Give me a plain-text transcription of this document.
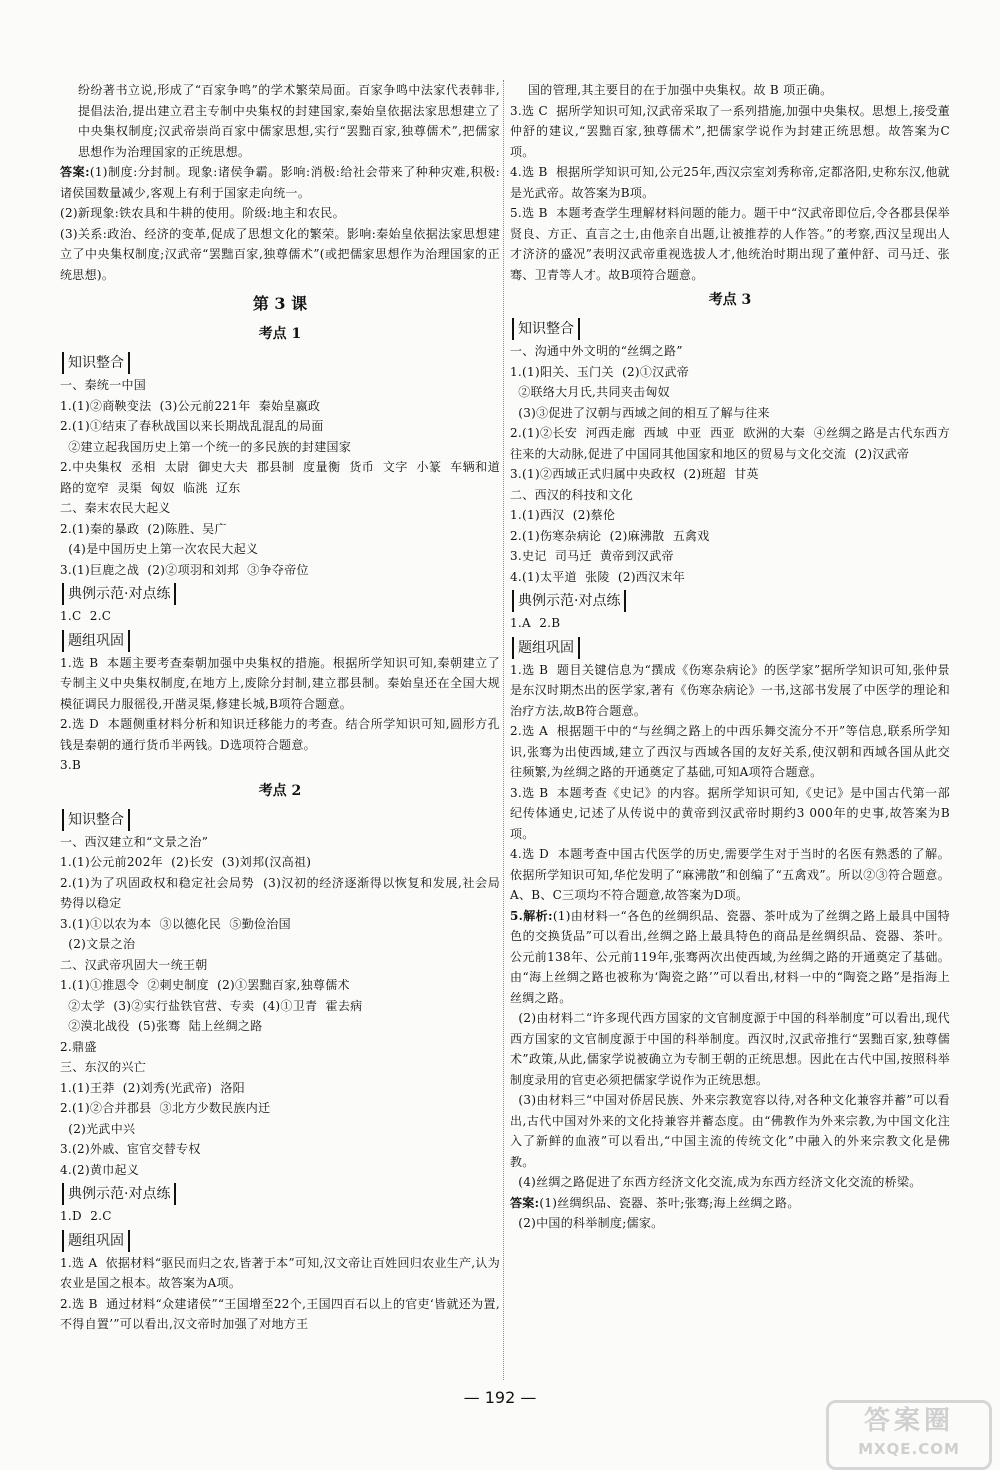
纷纷著书立说,形成了“百家争鸣”的学术繁荣局面。百家争鸣中法家代表韩非,提倡法治,提出建立君主专制中央集权的封建国家,秦始皇依据法家思想建立了中央集权制度;汉武帝崇尚百家中儒家思想,实行“罢黜百家,独尊儒术”,把儒家思想作为治理国家的正统思想。

答案:(1)制度:分封制。现象:诸侯争霸。影响:消极:给社会带来了种种灾难,积极:诸侯国数量减少,客观上有利于国家走向统一。

(2)新现象:铁农具和牛耕的使用。阶级:地主和农民。

(3)关系:政治、经济的变革,促成了思想文化的繁荣。影响:秦始皇依据法家思想建立了中央集权制度;汉武帝“罢黜百家,独尊儒术”(或把儒家思想作为治理国家的正统思想)。

第 3 课
考点 1
知识整合

一、秦统一中国

1.(1)②商鞅变法  (3)公元前221年  秦始皇嬴政

2.(1)①结束了春秋战国以来长期战乱混乱的局面

②建立起我国历史上第一个统一的多民族的封建国家

2.中央集权  丞相  太尉  御史大夫  郡县制  度量衡  货币  文字  小篆  车辆和道路的宽窄  灵渠  匈奴  临洮  辽东

二、秦末农民大起义

2.(1)秦的暴政  (2)陈胜、吴广

(4)是中国历史上第一次农民大起义

3.(1)巨鹿之战  (2)②项羽和刘邦  ③争夺帝位

典例示范·对点练

1.C  2.C

题组巩固

1.选 B  本题主要考查秦朝加强中央集权的措施。根据所学知识可知,秦朝建立了专制主义中央集权制度,在地方上,废除分封制,建立郡县制。秦始皇还在全国大规模征调民力服徭役,开凿灵渠,修建长城,B项符合题意。

2.选 D  本题侧重材料分析和知识迁移能力的考查。结合所学知识可知,圆形方孔钱是秦朝的通行货币半两钱。D选项符合题意。

3.B

考点 2
知识整合

一、西汉建立和“文景之治”

1.(1)公元前202年  (2)长安  (3)刘邦(汉高祖)

2.(1)为了巩固政权和稳定社会局势  (3)汉初的经济逐渐得以恢复和发展,社会局势得以稳定

3.(1)①以农为本  ③以德化民  ⑤勤俭治国

(2)文景之治

二、汉武帝巩固大一统王朝

1.(1)①推恩令  ②刺史制度  (2)①罢黜百家,独尊儒术

②太学  (3)②实行盐铁官营、专卖  (4)①卫青  霍去病

②漠北战役  (5)张骞  陆上丝绸之路

2.鼎盛

三、东汉的兴亡

1.(1)王莽  (2)刘秀(光武帝)  洛阳

2.(1)②合并郡县  ③北方少数民族内迁

(2)光武中兴

3.(2)外戚、宦官交替专权

4.(2)黄巾起义

典例示范·对点练

1.D  2.C

题组巩固

1.选 A  依据材料“驱民而归之农,皆著于本”可知,汉文帝让百姓回归农业生产,认为农业是国之根本。故答案为A项。

2.选 B  通过材料“众建诸侯”“王国增至22个,王国四百石以上的官吏‘皆就还为置,不得自置’”可以看出,汉文帝时加强了对地方王

国的管理,其主要目的在于加强中央集权。故 B 项正确。

3.选 C  据所学知识可知,汉武帝采取了一系列措施,加强中央集权。思想上,接受董仲舒的建议,“罢黜百家,独尊儒术”,把儒家学说作为封建正统思想。故答案为C项。

4.选 B  根据所学知识可知,公元25年,西汉宗室刘秀称帝,定都洛阳,史称东汉,他就是光武帝。故答案为B项。

5.选 B  本题考查学生理解材料问题的能力。题干中“汉武帝即位后,令各郡县保举贤良、方正、直言之士,由他亲自出题,让被推荐的人作答。”的考察,西汉呈现出人才济济的盛况”表明汉武帝重视选拔人才,他统治时期出现了董仲舒、司马迁、张骞、卫青等人才。故B项符合题意。

考点 3
知识整合

一、沟通中外文明的“丝绸之路”

1.(1)阳关、玉门关  (2)①汉武帝

②联络大月氏,共同夹击匈奴

(3)③促进了汉朝与西域之间的相互了解与往来

2.(1)②长安  河西走廊  西域  中亚  西亚  欧洲的大秦  ④丝绸之路是古代东西方往来的大动脉,促进了中国同其他国家和地区的贸易与文化交流  (2)汉武帝

3.(1)②西域正式归属中央政权  (2)班超  甘英

二、西汉的科技和文化

1.(1)西汉  (2)蔡伦

2.(1)伤寒杂病论  (2)麻沸散  五禽戏

3.史记  司马迁  黄帝到汉武帝

4.(1)太平道  张陵  (2)西汉末年

典例示范·对点练

1.A  2.B

题组巩固

1.选 B  题目关键信息为“撰成《伤寒杂病论》的医学家”据所学知识可知,张仲景是东汉时期杰出的医学家,著有《伤寒杂病论》一书,这部书发展了中医学的理论和治疗方法,故B符合题意。

2.选 A  根据题干中的“与丝绸之路上的中西乐舞交流分不开”等信息,联系所学知识,张骞为出使西域,建立了西汉与西域各国的友好关系,使汉朝和西域各国从此交往频繁,为丝绸之路的开通奠定了基础,可知A项符合题意。

3.选 B  本题考查《史记》的内容。据所学知识可知,《史记》是中国古代第一部纪传体通史,记述了从传说中的黄帝到汉武帝时期约3 000年的史事,故答案为B项。

4.选 D  本题考查中国古代医学的历史,需要学生对于当时的名医有熟悉的了解。依据所学知识可知,华佗发明了“麻沸散”和创编了“五禽戏”。所以②③符合题意。A、B、C三项均不符合题意,故答案为D项。

5.解析:(1)由材料一“各色的丝绸织品、瓷器、茶叶成为了丝绸之路上最具中国特色的交换货品”可以看出,丝绸之路上最具特色的商品是丝绸织品、瓷器、茶叶。公元前138年、公元前119年,张骞两次出使西域,为丝绸之路的开通奠定了基础。由“海上丝绸之路也被称为‘陶瓷之路’”可以看出,材料一中的“陶瓷之路”是指海上丝绸之路。

(2)由材料二“许多现代西方国家的文官制度源于中国的科举制度”可以看出,现代西方国家的文官制度源于中国的科举制度。西汉时,汉武帝推行“罢黜百家,独尊儒术”政策,从此,儒家学说被确立为专制王朝的正统思想。因此在古代中国,按照科举制度录用的官吏必须把儒家学说作为正统思想。

(3)由材料三“中国对侨居民族、外来宗教宽容以待,对各种文化兼容并蓄”可以看出,古代中国对外来的文化持兼容并蓄态度。由“佛教作为外来宗教,为中国文化注入了新鲜的血液”可以看出,“中国主流的传统文化”中融入的外来宗教文化是佛教。

(4)丝绸之路促进了东西方经济文化交流,成为东西方经济文化交流的桥梁。

答案:(1)丝绸织品、瓷器、茶叶;张骞;海上丝绸之路。

(2)中国的科举制度;儒家。

— 192 —
答案圈
MXQE.COM
